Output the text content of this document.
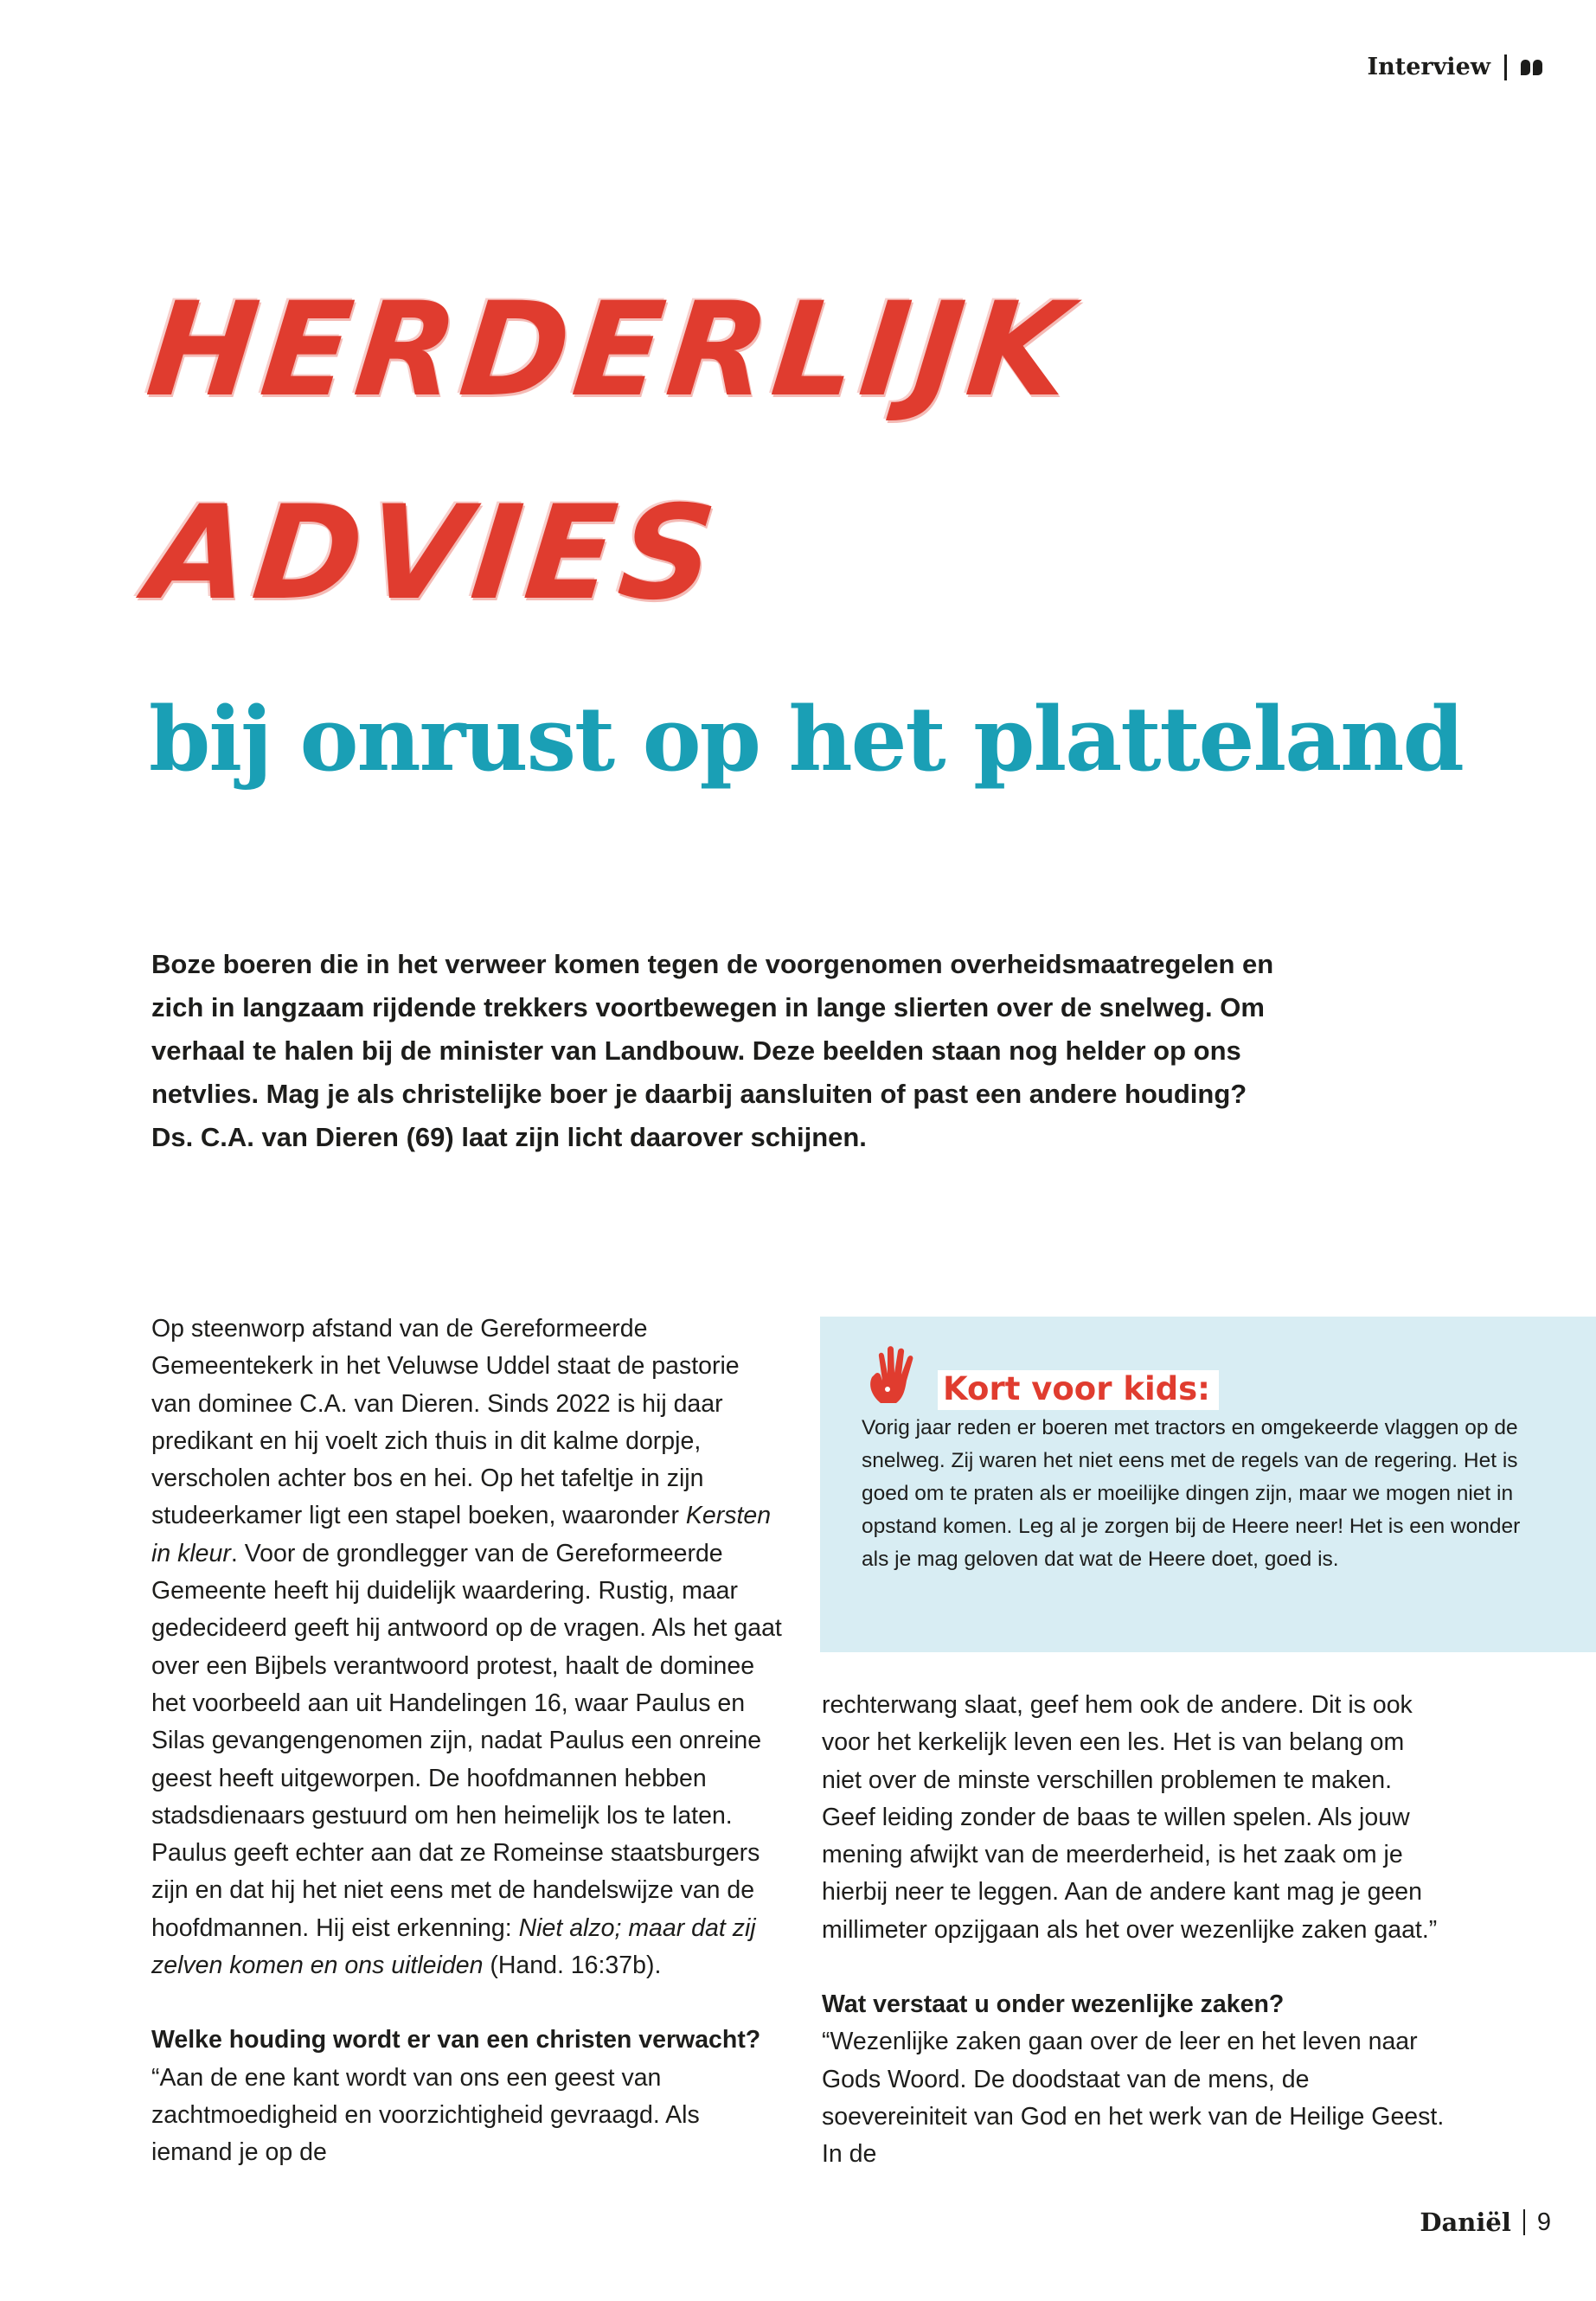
Interview
HERDERLIJK
ADVIES
bij onrust op het platteland
Boze boeren die in het verweer komen tegen de voorgenomen overheidsmaatregelen en zich in langzaam rijdende trekkers voortbewegen in lange slierten over de snelweg. Om verhaal te halen bij de minister van Landbouw. Deze beelden staan nog helder op ons netvlies. Mag je als christelijke boer je daarbij aansluiten of past een andere houding? Ds. C.A. van Dieren (69) laat zijn licht daarover schijnen.

Op steenworp afstand van de Gereformeerde Gemeentekerk in het Veluwse Uddel staat de pastorie van dominee C.A. van Dieren. Sinds 2022 is hij daar predikant en hij voelt zich thuis in dit kalme dorpje, verscholen achter bos en hei. Op het tafeltje in zijn studeerkamer ligt een stapel boeken, waaronder Kersten in kleur. Voor de grondlegger van de Gereformeerde Gemeente heeft hij duidelijk waardering. Rustig, maar gedecideerd geeft hij antwoord op de vragen. Als het gaat over een Bijbels verantwoord protest, haalt de dominee het voorbeeld aan uit Handelingen 16, waar Paulus en Silas gevangengenomen zijn, nadat Paulus een onreine geest heeft uitgeworpen. De hoofdmannen hebben stadsdienaars gestuurd om hen heimelijk los te laten. Paulus geeft echter aan dat ze Romeinse staatsburgers zijn en dat hij het niet eens met de handelswijze van de hoofdmannen. Hij eist erkenning: Niet alzo; maar dat zij zelven komen en ons uitleiden (Hand. 16:37b).

Welke houding wordt er van een christen verwacht?

“Aan de ene kant wordt van ons een geest van zachtmoedigheid en voorzichtigheid gevraagd. Als iemand je op de

Kort voor kids:
Vorig jaar reden er boeren met tractors en omgekeerde vlaggen op de snelweg. Zij waren het niet eens met de regels van de regering. Het is goed om te praten als er moeilijke dingen zijn, maar we mogen niet in opstand komen. Leg al je zorgen bij de Heere neer! Het is een wonder als je mag geloven dat wat de Heere doet, goed is.

rechterwang slaat, geef hem ook de andere. Dit is ook voor het kerkelijk leven een les. Het is van belang om niet over de minste verschillen problemen te maken. Geef leiding zonder de baas te willen spelen. Als jouw mening afwijkt van de meerderheid, is het zaak om je hierbij neer te leggen. Aan de andere kant mag je geen millimeter opzijgaan als het over wezenlijke zaken gaat.”

Wat verstaat u onder wezenlijke zaken?

“Wezenlijke zaken gaan over de leer en het leven naar Gods Woord. De doodstaat van de mens, de soevereiniteit van God en het werk van de Heilige Geest. In de

Daniël 9
